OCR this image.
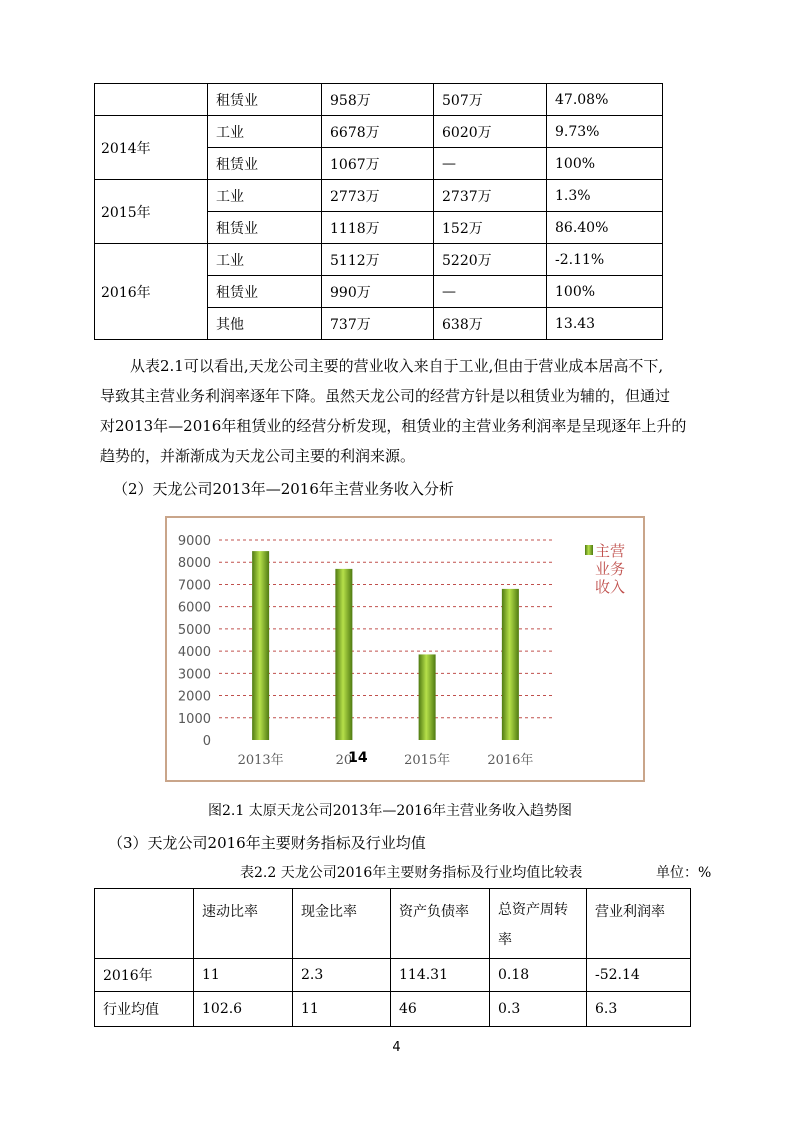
	租赁业	958万	507万	47.08%
2014年	工业	6678万	6020万	9.73%
	租赁业	1067万	—	100%
2015年	工业	2773万	2737万	1.3%
	租赁业	1118万	152万	86.40%
2016年	工业	5112万	5220万	-2.11%
	租赁业	990万	—	100%
	其他	737万	638万	13.43

从表2.1可以看出,天龙公司主要的营业收入来自于工业,但由于营业成本居高不下,

导致其主营业务利润率逐年下降。虽然天龙公司的经营方针是以租赁业为辅的，但通过

对2013年—2016年租赁业的经营分析发现，租赁业的主营业务利润率是呈现逐年上升的

趋势的，并渐渐成为天龙公司主要的利润来源。

（2）天龙公司2013年—2016年主营业务收入分析
0
1000
2000
3000
4000
5000
6000
7000
8000
9000
2013年	20
14	2015年	2016年
主营
业务
收入
图2.1 太原天龙公司2013年—2016年主营业务收入趋势图
（3）天龙公司2016年主要财务指标及行业均值
表2.2 天龙公司2016年主要财务指标及行业均值比较表	单位：%
	速动比率	现金比率	资产负债率	总资产周转
率	营业利润率
2016年	11	2.3	114.31	0.18	-52.14
行业均值	102.6	11	46	0.3	6.3
4
